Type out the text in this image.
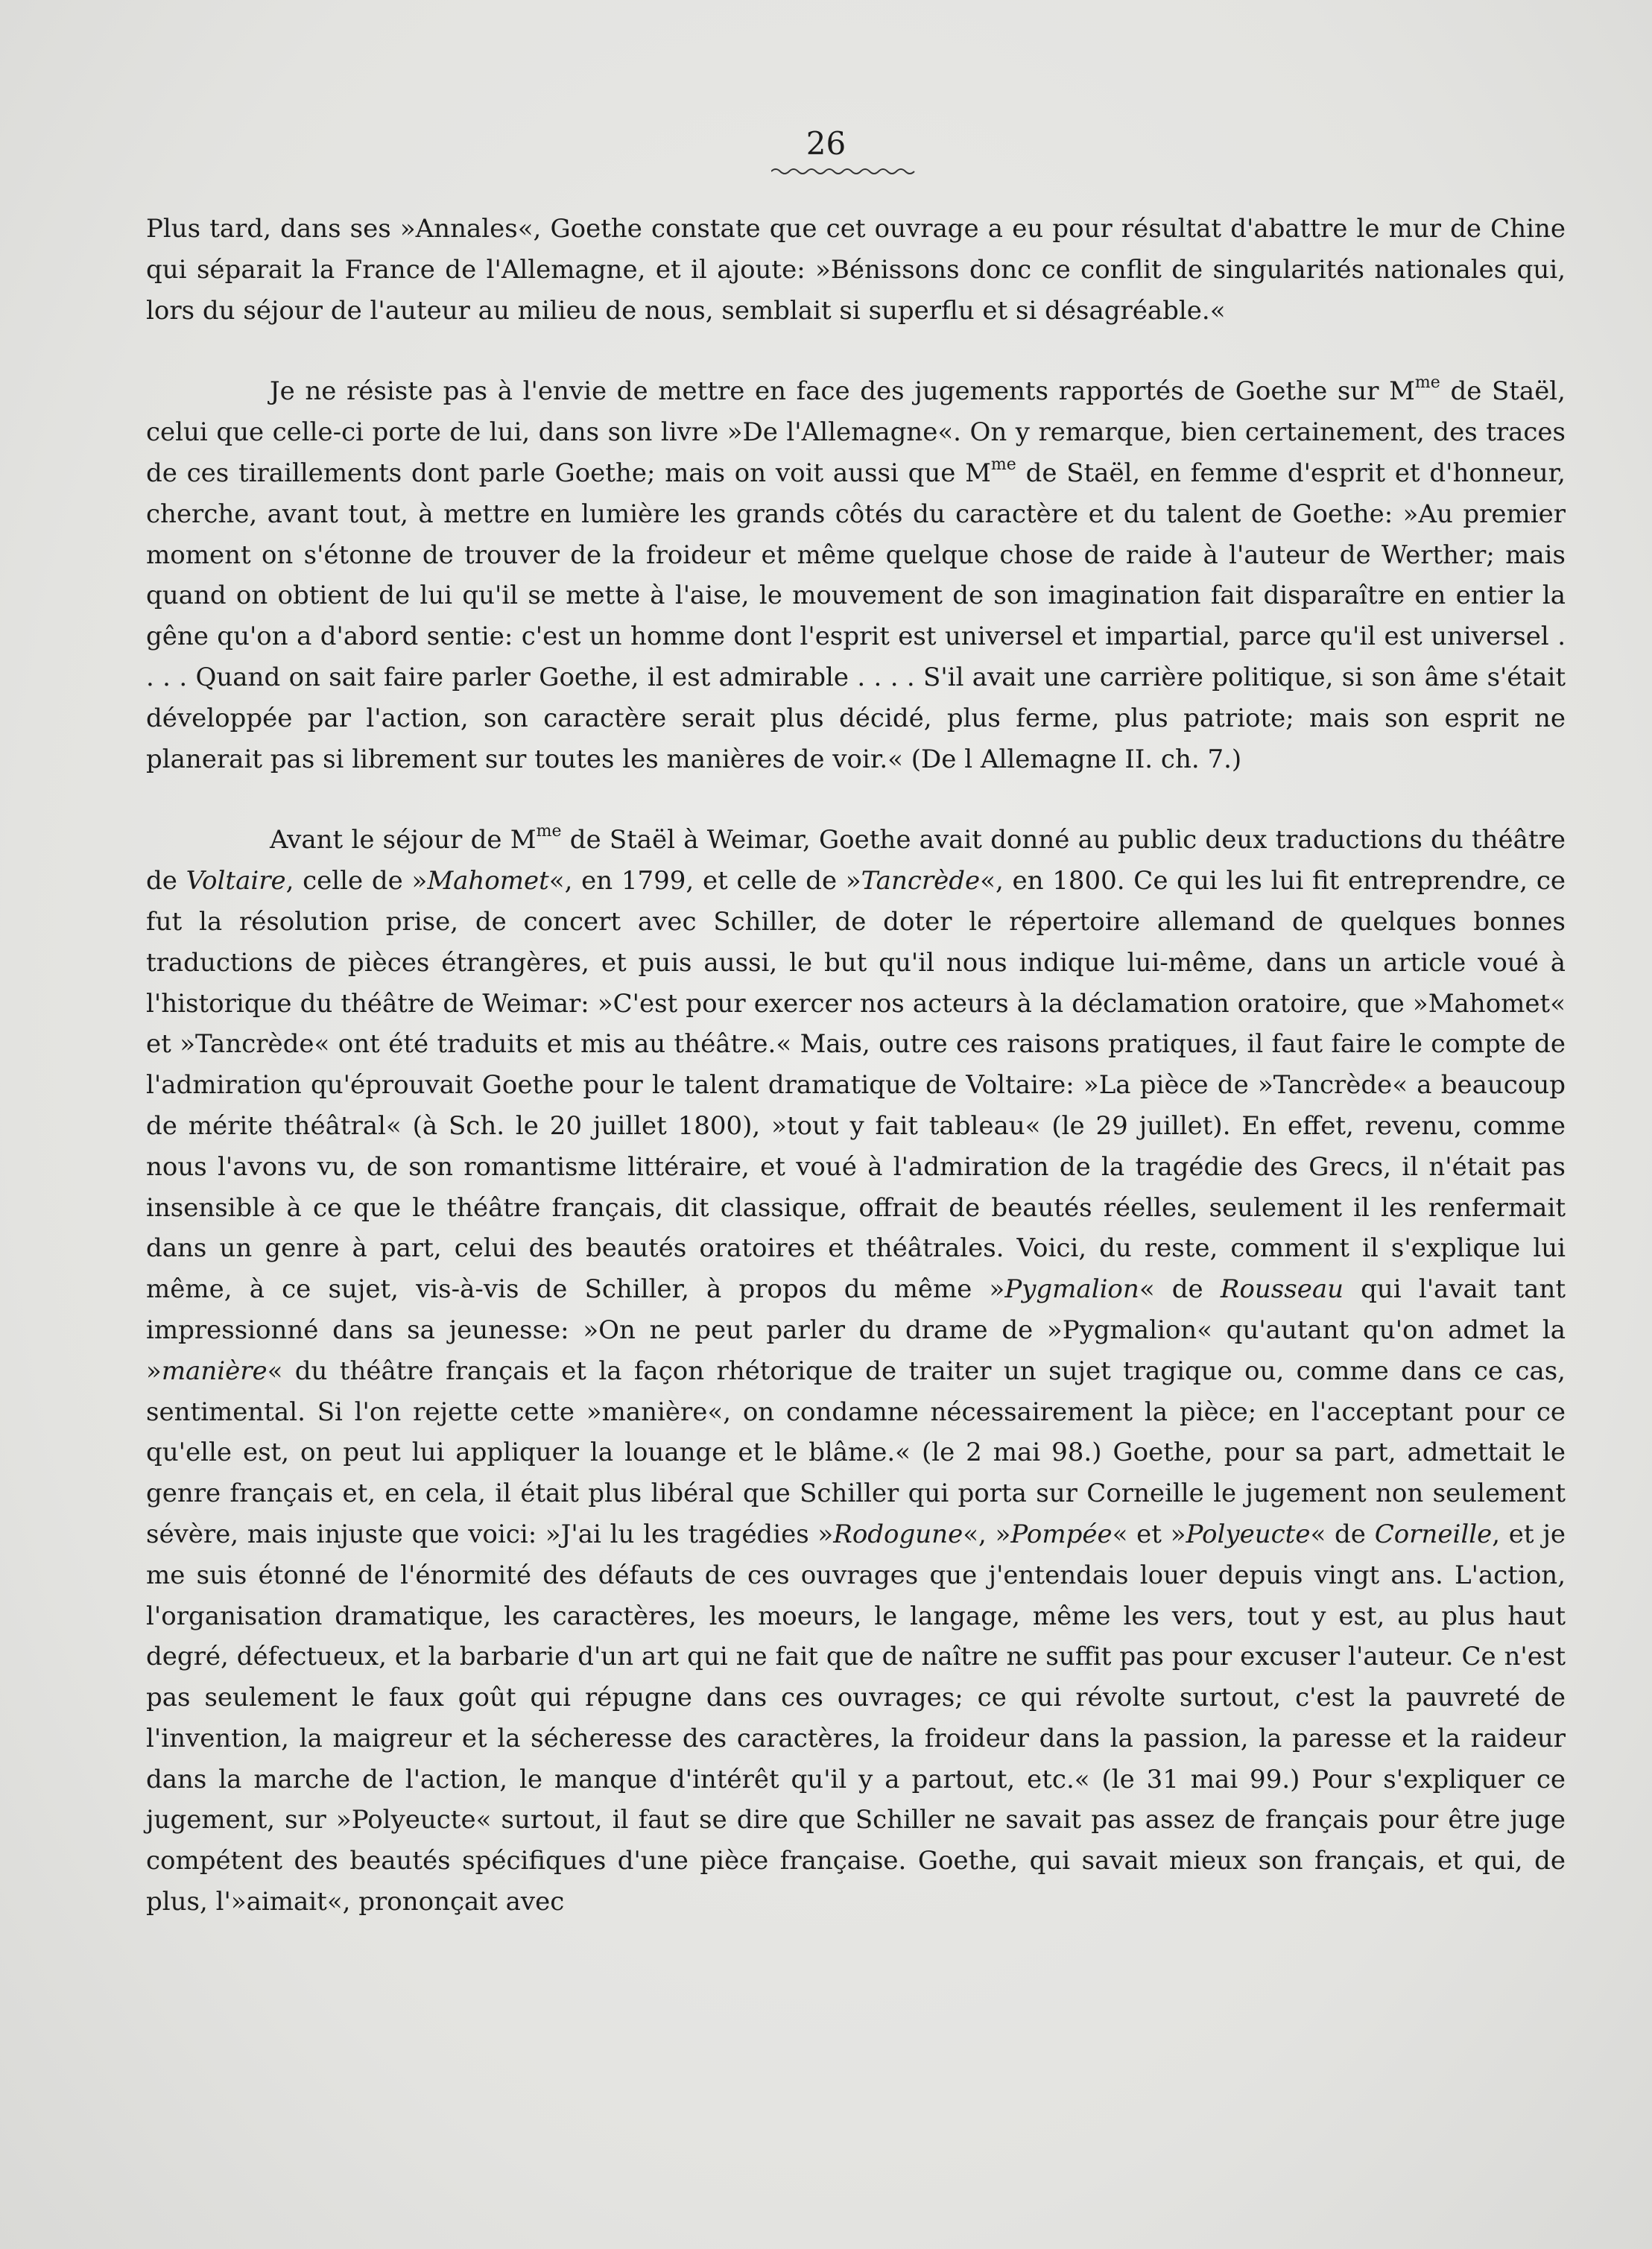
26

Plus tard, dans ses »Annales«, Goethe constate que cet ouvrage a eu pour résultat d'abattre le mur de Chine qui séparait la France de l'Allemagne, et il ajoute: »Bénissons donc ce conflit de singularités nationales qui, lors du séjour de l'auteur au milieu de nous, semblait si superflu et si désagréable.«

Je ne résiste pas à l'envie de mettre en face des jugements rapportés de Goethe sur $M^{me}$ de Staël, celui que celle-ci porte de lui, dans son livre »De l'Allemagne«. On y remarque, bien certainement, des traces de ces tiraillements dont parle Goethe; mais on voit aussi que $M^{me}$ de Staël, en femme d'esprit et d'honneur, cherche, avant tout, à mettre en lumière les grands côtés du caractère et du talent de Goethe: »Au premier moment on s'étonne de trouver de la froideur et même quelque chose de raide à l'auteur de Werther; mais quand on obtient de lui qu'il se mette à l'aise, le mouvement de son imagination fait disparaître en entier la gêne qu'on a d'abord sentie: c'est un homme dont l'esprit est universel et impartial, parce qu'il est universel . . . . Quand on sait faire parler Goethe, il est admirable . . . . S'il avait une carrière politique, si son âme s'était développée par l'action, son caractère serait plus décidé, plus ferme, plus patriote; mais son esprit ne planerait pas si librement sur toutes les manières de voir.« (De l Allemagne II. ch. 7.)

Avant le séjour de $M^{me}$ de Staël à Weimar, Goethe avait donné au public deux traductions du théâtre de Voltaire, celle de »Mahomet«, en 1799, et celle de »Tancrède«, en 1800. Ce qui les lui fit entreprendre, ce fut la résolution prise, de concert avec Schiller, de doter le répertoire allemand de quelques bonnes traductions de pièces étrangères, et puis aussi, le but qu'il nous indique lui-même, dans un article voué à l'historique du théâtre de Weimar: »C'est pour exercer nos acteurs à la déclamation oratoire, que »Mahomet« et »Tancrède« ont été traduits et mis au théâtre.« Mais, outre ces raisons pratiques, il faut faire le compte de l'admiration qu'éprouvait Goethe pour le talent dramatique de Voltaire: »La pièce de »Tancrède« a beaucoup de mérite théâtral« (à Sch. le 20 juillet 1800), »tout y fait tableau« (le 29 juillet). En effet, revenu, comme nous l'avons vu, de son romantisme littéraire, et voué à l'admiration de la tragédie des Grecs, il n'était pas insensible à ce que le théâtre français, dit classique, offrait de beautés réelles, seulement il les renfermait dans un genre à part, celui des beautés oratoires et théâtrales. Voici, du reste, comment il s'explique lui même, à ce sujet, vis-à-vis de Schiller, à propos du même »Pygmalion« de Rousseau qui l'avait tant impressionné dans sa jeunesse: »On ne peut parler du drame de »Pygmalion« qu'autant qu'on admet la »manière« du théâtre français et la façon rhétorique de traiter un sujet tragique ou, comme dans ce cas, sentimental. Si l'on rejette cette »manière«, on condamne nécessairement la pièce; en l'acceptant pour ce qu'elle est, on peut lui appliquer la louange et le blâme.« (le 2 mai 98.) Goethe, pour sa part, admettait le genre français et, en cela, il était plus libéral que Schiller qui porta sur Corneille le jugement non seulement sévère, mais injuste que voici: »J'ai lu les tragédies »Rodogune«, »Pompée« et »Polyeucte« de Corneille, et je me suis étonné de l'énormité des défauts de ces ouvrages que j'entendais louer depuis vingt ans. L'action, l'organisation dramatique, les caractères, les moeurs, le langage, même les vers, tout y est, au plus haut degré, défectueux, et la barbarie d'un art qui ne fait que de naître ne suffit pas pour excuser l'auteur. Ce n'est pas seulement le faux goût qui répugne dans ces ouvrages; ce qui révolte surtout, c'est la pauvreté de l'invention, la maigreur et la sécheresse des caractères, la froideur dans la passion, la paresse et la raideur dans la marche de l'action, le manque d'intérêt qu'il y a partout, etc.« (le 31 mai 99.) Pour s'expliquer ce jugement, sur »Polyeucte« surtout, il faut se dire que Schiller ne savait pas assez de français pour être juge compétent des beautés spécifiques d'une pièce française. Goethe, qui savait mieux son français, et qui, de plus, l'»aimait«, prononçait avec
